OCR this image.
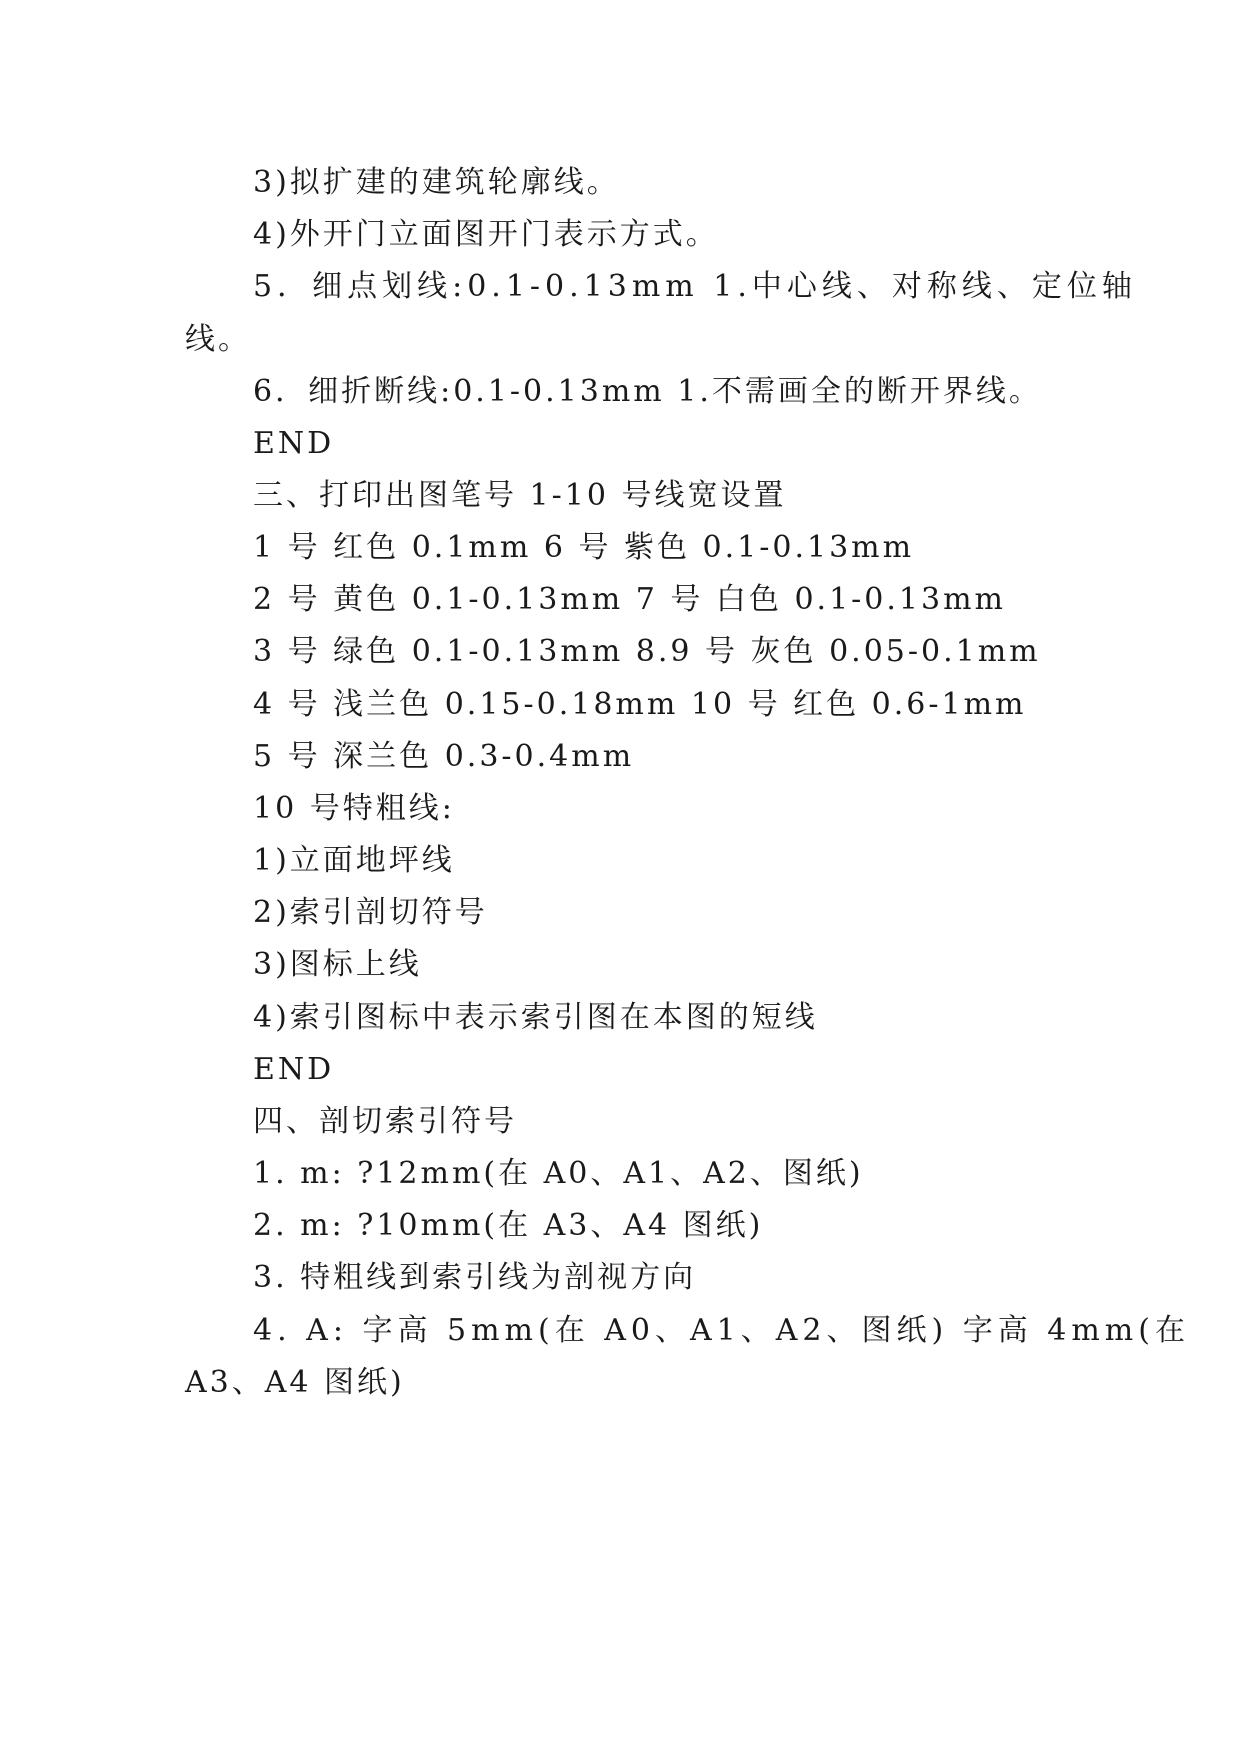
3)拟扩建的建筑轮廓线。
4)外开门立面图开门表示方式。
5．细点划线:0.1-0.13mm 1.中心线、对称线、定位轴
线。
6．细折断线:0.1-0.13mm 1.不需画全的断开界线。
END
三、打印出图笔号 1-10 号线宽设置
1 号 红色 0.1mm 6 号 紫色 0.1-0.13mm
2 号 黄色 0.1-0.13mm 7 号 白色 0.1-0.13mm
3 号 绿色 0.1-0.13mm 8.9 号 灰色 0.05-0.1mm
4 号 浅兰色 0.15-0.18mm 10 号 红色 0.6-1mm
5 号 深兰色 0.3-0.4mm
10 号特粗线:
1)立面地坪线
2)索引剖切符号
3)图标上线
4)索引图标中表示索引图在本图的短线
END
四、剖切索引符号
1. m: ?12mm(在 A0、A1、A2、图纸)
2. m: ?10mm(在 A3、A4 图纸)
3. 特粗线到索引线为剖视方向
4. A: 字高 5mm(在 A0、A1、A2、图纸) 字高 4mm(在
A3、A4 图纸)
